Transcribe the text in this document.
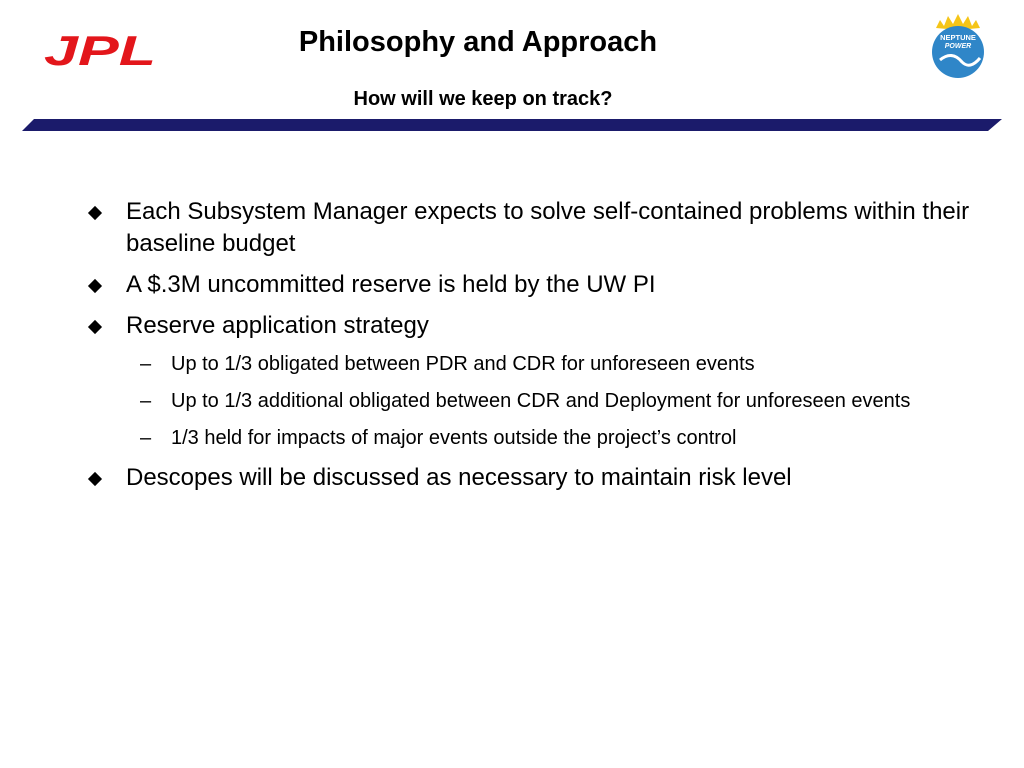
JPL	Philosophy and Approach
How will we keep on track?
NEPTUNE
POWER
Each Subsystem Manager expects to solve self-contained problems within their baseline budget
A $.3M uncommitted reserve is held by the UW PI
Reserve application strategy
– Up to 1/3 obligated between PDR and CDR for unforeseen events
– Up to 1/3 additional obligated between CDR and Deployment for unforeseen events
– 1/3 held for impacts of major events outside the project’s control
Descopes will be discussed as necessary to maintain risk level
